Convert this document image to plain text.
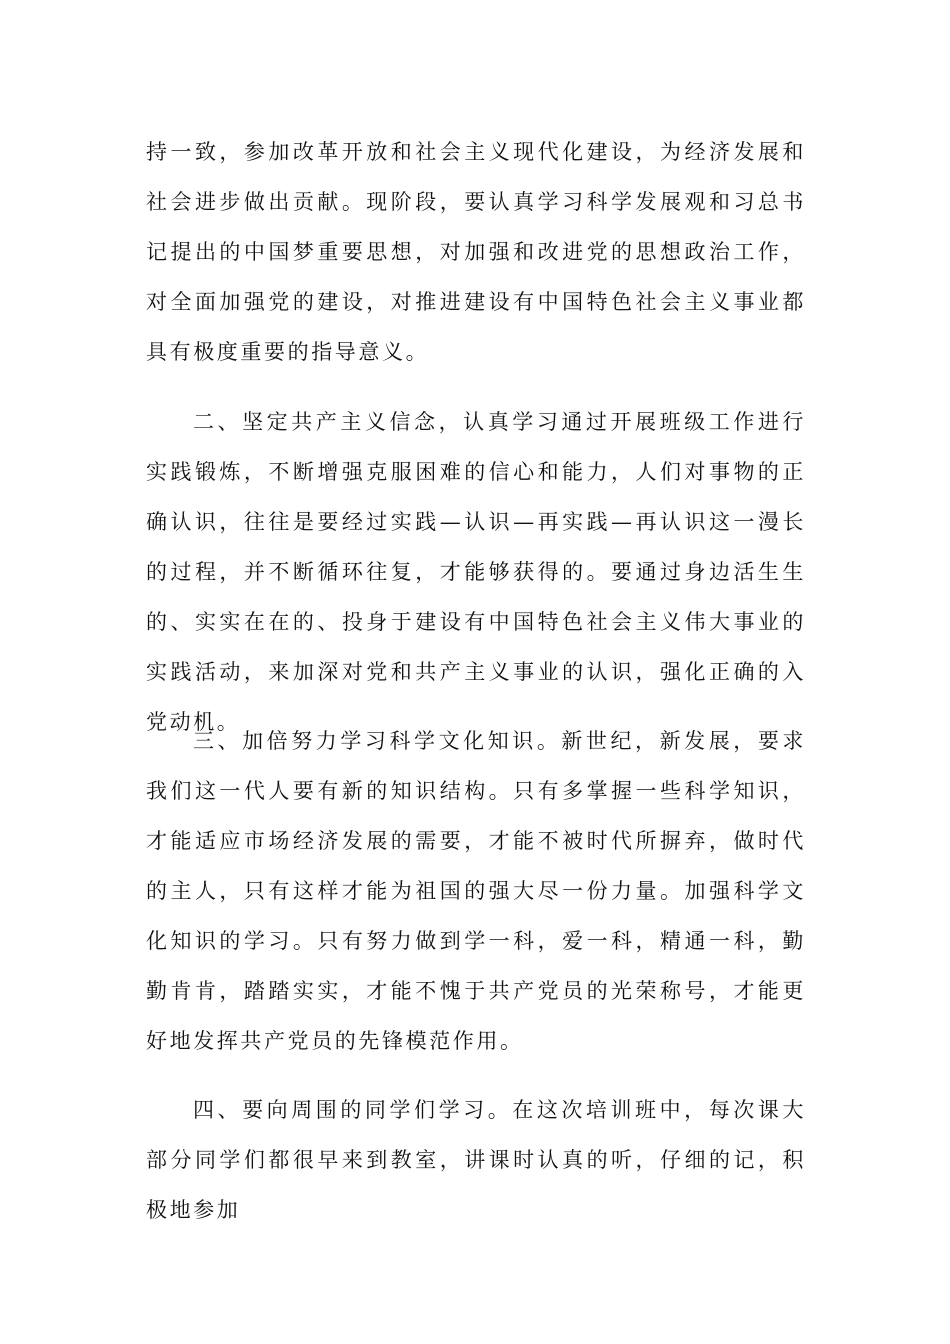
持一致，参加改革开放和社会主义现代化建设，为经济发展和社会进步做出贡献。现阶段，要认真学习科学发展观和习总书记提出的中国梦重要思想，对加强和改进党的思想政治工作，对全面加强党的建设，对推进建设有中国特色社会主义事业都具有极度重要的指导意义。

二、坚定共产主义信念，认真学习通过开展班级工作进行实践锻炼，不断增强克服困难的信心和能力，人们对事物的正确认识，往往是要经过实践—认识—再实践—再认识这一漫长的过程，并不断循环往复，才能够获得的。要通过身边活生生的、实实在在的、投身于建设有中国特色社会主义伟大事业的实践活动，来加深对党和共产主义事业的认识，强化正确的入党动机。

三、加倍努力学习科学文化知识。新世纪，新发展，要求我们这一代人要有新的知识结构。只有多掌握一些科学知识，才能适应市场经济发展的需要，才能不被时代所摒弃，做时代的主人，只有这样才能为祖国的强大尽一份力量。加强科学文化知识的学习。只有努力做到学一科，爱一科，精通一科，勤勤肯肯，踏踏实实，才能不愧于共产党员的光荣称号，才能更好地发挥共产党员的先锋模范作用。

四、要向周围的同学们学习。在这次培训班中，每次课大部分同学们都很早来到教室，讲课时认真的听，仔细的记，积极地参加
